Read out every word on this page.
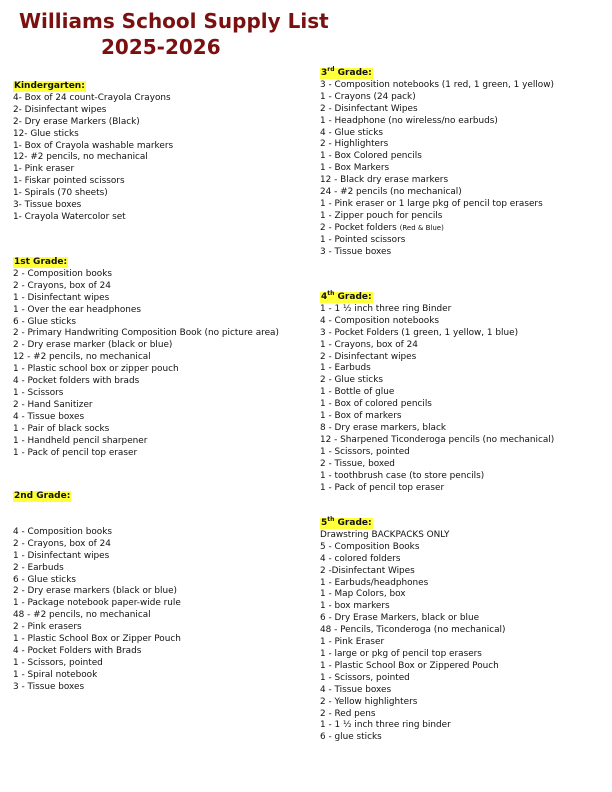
Williams School Supply List
2025-2026
Kindergarten:
4- Box of 24 count-Crayola Crayons
2- Disinfectant wipes
2- Dry erase Markers (Black)
12- Glue sticks
1- Box of Crayola washable markers
12- #2 pencils, no mechanical
1- Pink eraser
1- Fiskar pointed scissors
1- Spirals (70 sheets)
3- Tissue boxes
1- Crayola Watercolor set
1st Grade:
2 - Composition books
2 - Crayons, box of 24
1 - Disinfectant wipes
1 - Over the ear headphones
6 - Glue sticks
2 - Primary Handwriting Composition Book (no picture area)
2 - Dry erase marker (black or blue)
12 - #2 pencils, no mechanical
1 - Plastic school box or zipper pouch
4 - Pocket folders with brads
1 - Scissors
2 - Hand Sanitizer
4 - Tissue boxes
1 - Pair of black socks
1 - Handheld pencil sharpener
1 - Pack of pencil top eraser
2nd Grade:
4 - Composition books
2 - Crayons, box of 24
1 - Disinfectant wipes
2 - Earbuds
6 - Glue sticks
2 - Dry erase markers (black or blue)
1 - Package notebook paper-wide rule
48 - #2 pencils, no mechanical
2 - Pink erasers
1 - Plastic School Box or Zipper Pouch
4 - Pocket Folders with Brads
1 - Scissors, pointed
1 - Spiral notebook
3 - Tissue boxes
3rd Grade:
3 - Composition notebooks (1 red, 1 green, 1 yellow)
1 - Crayons (24 pack)
2 - Disinfectant Wipes
1 - Headphone (no wireless/no earbuds)
4 - Glue sticks
2 - Highlighters
1 - Box Colored pencils
1 - Box Markers
12 - Black dry erase markers
24 - #2 pencils (no mechanical)
1 - Pink eraser or 1 large pkg of pencil top erasers
1 - Zipper pouch for pencils
2 - Pocket folders (Red & Blue)
1 - Pointed scissors
3 - Tissue boxes
4th Grade:
1 - 1 ½ inch three ring Binder
4 - Composition notebooks
3 - Pocket Folders (1 green, 1 yellow, 1 blue)
1 - Crayons, box of 24
2 - Disinfectant wipes
1 - Earbuds
2 - Glue sticks
1 - Bottle of glue
1 - Box of colored pencils
1 - Box of markers
8 - Dry erase markers, black
12 - Sharpened Ticonderoga pencils (no mechanical)
1 - Scissors, pointed
2 - Tissue, boxed
1 - toothbrush case (to store pencils)
1 - Pack of pencil top eraser
5th Grade:
Drawstring BACKPACKS ONLY
5 - Composition Books
4 - colored folders
2 -Disinfectant Wipes
1 - Earbuds/headphones
1 - Map Colors, box
1 - box markers
6 - Dry Erase Markers, black or blue
48 - Pencils, Ticonderoga (no mechanical)
1 - Pink Eraser
1 - large or pkg of pencil top erasers
1 - Plastic School Box or Zippered Pouch
1 - Scissors, pointed
4 - Tissue boxes
2 - Yellow highlighters
2 - Red pens
1 - 1 ½ inch three ring binder
6 - glue sticks
